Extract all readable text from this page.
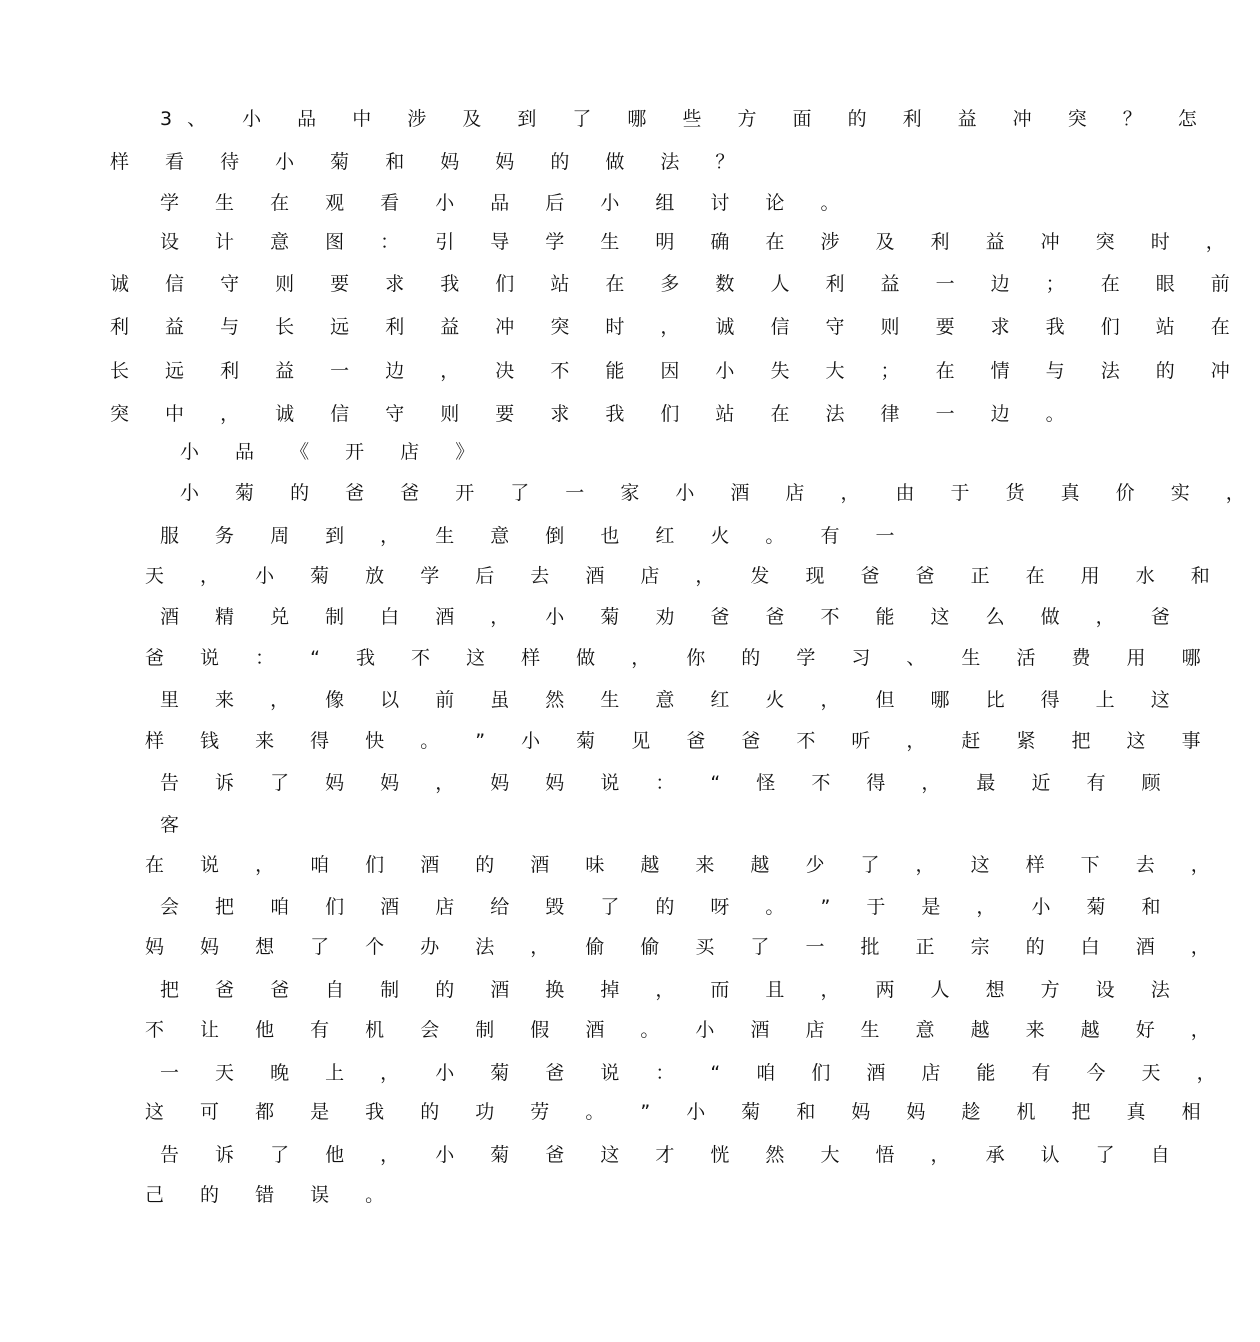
3、 小 品 中 涉 及 到 了 哪 些 方 面 的 利 益 冲 突 ？ 怎

样 看 待 小 菊 和 妈 妈 的 做 法 ？

学 生 在 观 看 小 品 后 小 组 讨 论 。

设 计 意 图 ： 引 导 学 生 明 确 在 涉 及 利 益 冲 突 时 ，

诚 信 守 则 要 求 我 们 站 在 多 数 人 利 益 一 边 ； 在 眼 前

利 益 与 长 远 利 益 冲 突 时 ， 诚 信 守 则 要 求 我 们 站 在

长 远 利 益 一 边 ， 决 不 能 因 小 失 大 ； 在 情 与 法 的 冲

突 中 ， 诚 信 守 则 要 求 我 们 站 在 法 律 一 边 。

小 品 《 开 店 》

小 菊 的 爸 爸 开 了 一 家 小 酒 店 ， 由 于 货 真 价 实 ，

服 务 周 到 ， 生 意 倒 也 红 火 。 有 一

天 ， 小 菊 放 学 后 去 酒 店 ， 发 现 爸 爸 正 在 用 水 和

酒 精 兑 制 白 酒 ， 小 菊 劝 爸 爸 不 能 这 么 做 ， 爸

爸 说 ： “ 我 不 这 样 做 ， 你 的 学 习 、 生 活 费 用 哪

里 来 ， 像 以 前 虽 然 生 意 红 火 ， 但 哪 比 得 上 这

样 钱 来 得 快 。 ” 小 菊 见 爸 爸 不 听 ， 赶 紧 把 这 事

告 诉 了 妈 妈 ， 妈 妈 说 ： “ 怪 不 得 ， 最 近 有 顾

客

在 说 ， 咱 们 酒 的 酒 味 越 来 越 少 了 ， 这 样 下 去 ，

会 把 咱 们 酒 店 给 毁 了 的 呀 。 ” 于 是 ， 小 菊 和

妈 妈 想 了 个 办 法 ， 偷 偷 买 了 一 批 正 宗 的 白 酒 ，

把 爸 爸 自 制 的 酒 换 掉 ， 而 且 ， 两 人 想 方 设 法

不 让 他 有 机 会 制 假 酒 。 小 酒 店 生 意 越 来 越 好 ，

一 天 晚 上 ， 小 菊 爸 说 ： “ 咱 们 酒 店 能 有 今 天 ，

这 可 都 是 我 的 功 劳 。 ” 小 菊 和 妈 妈 趁 机 把 真 相

告 诉 了 他 ， 小 菊 爸 这 才 恍 然 大 悟 ， 承 认 了 自

己 的 错 误 。
